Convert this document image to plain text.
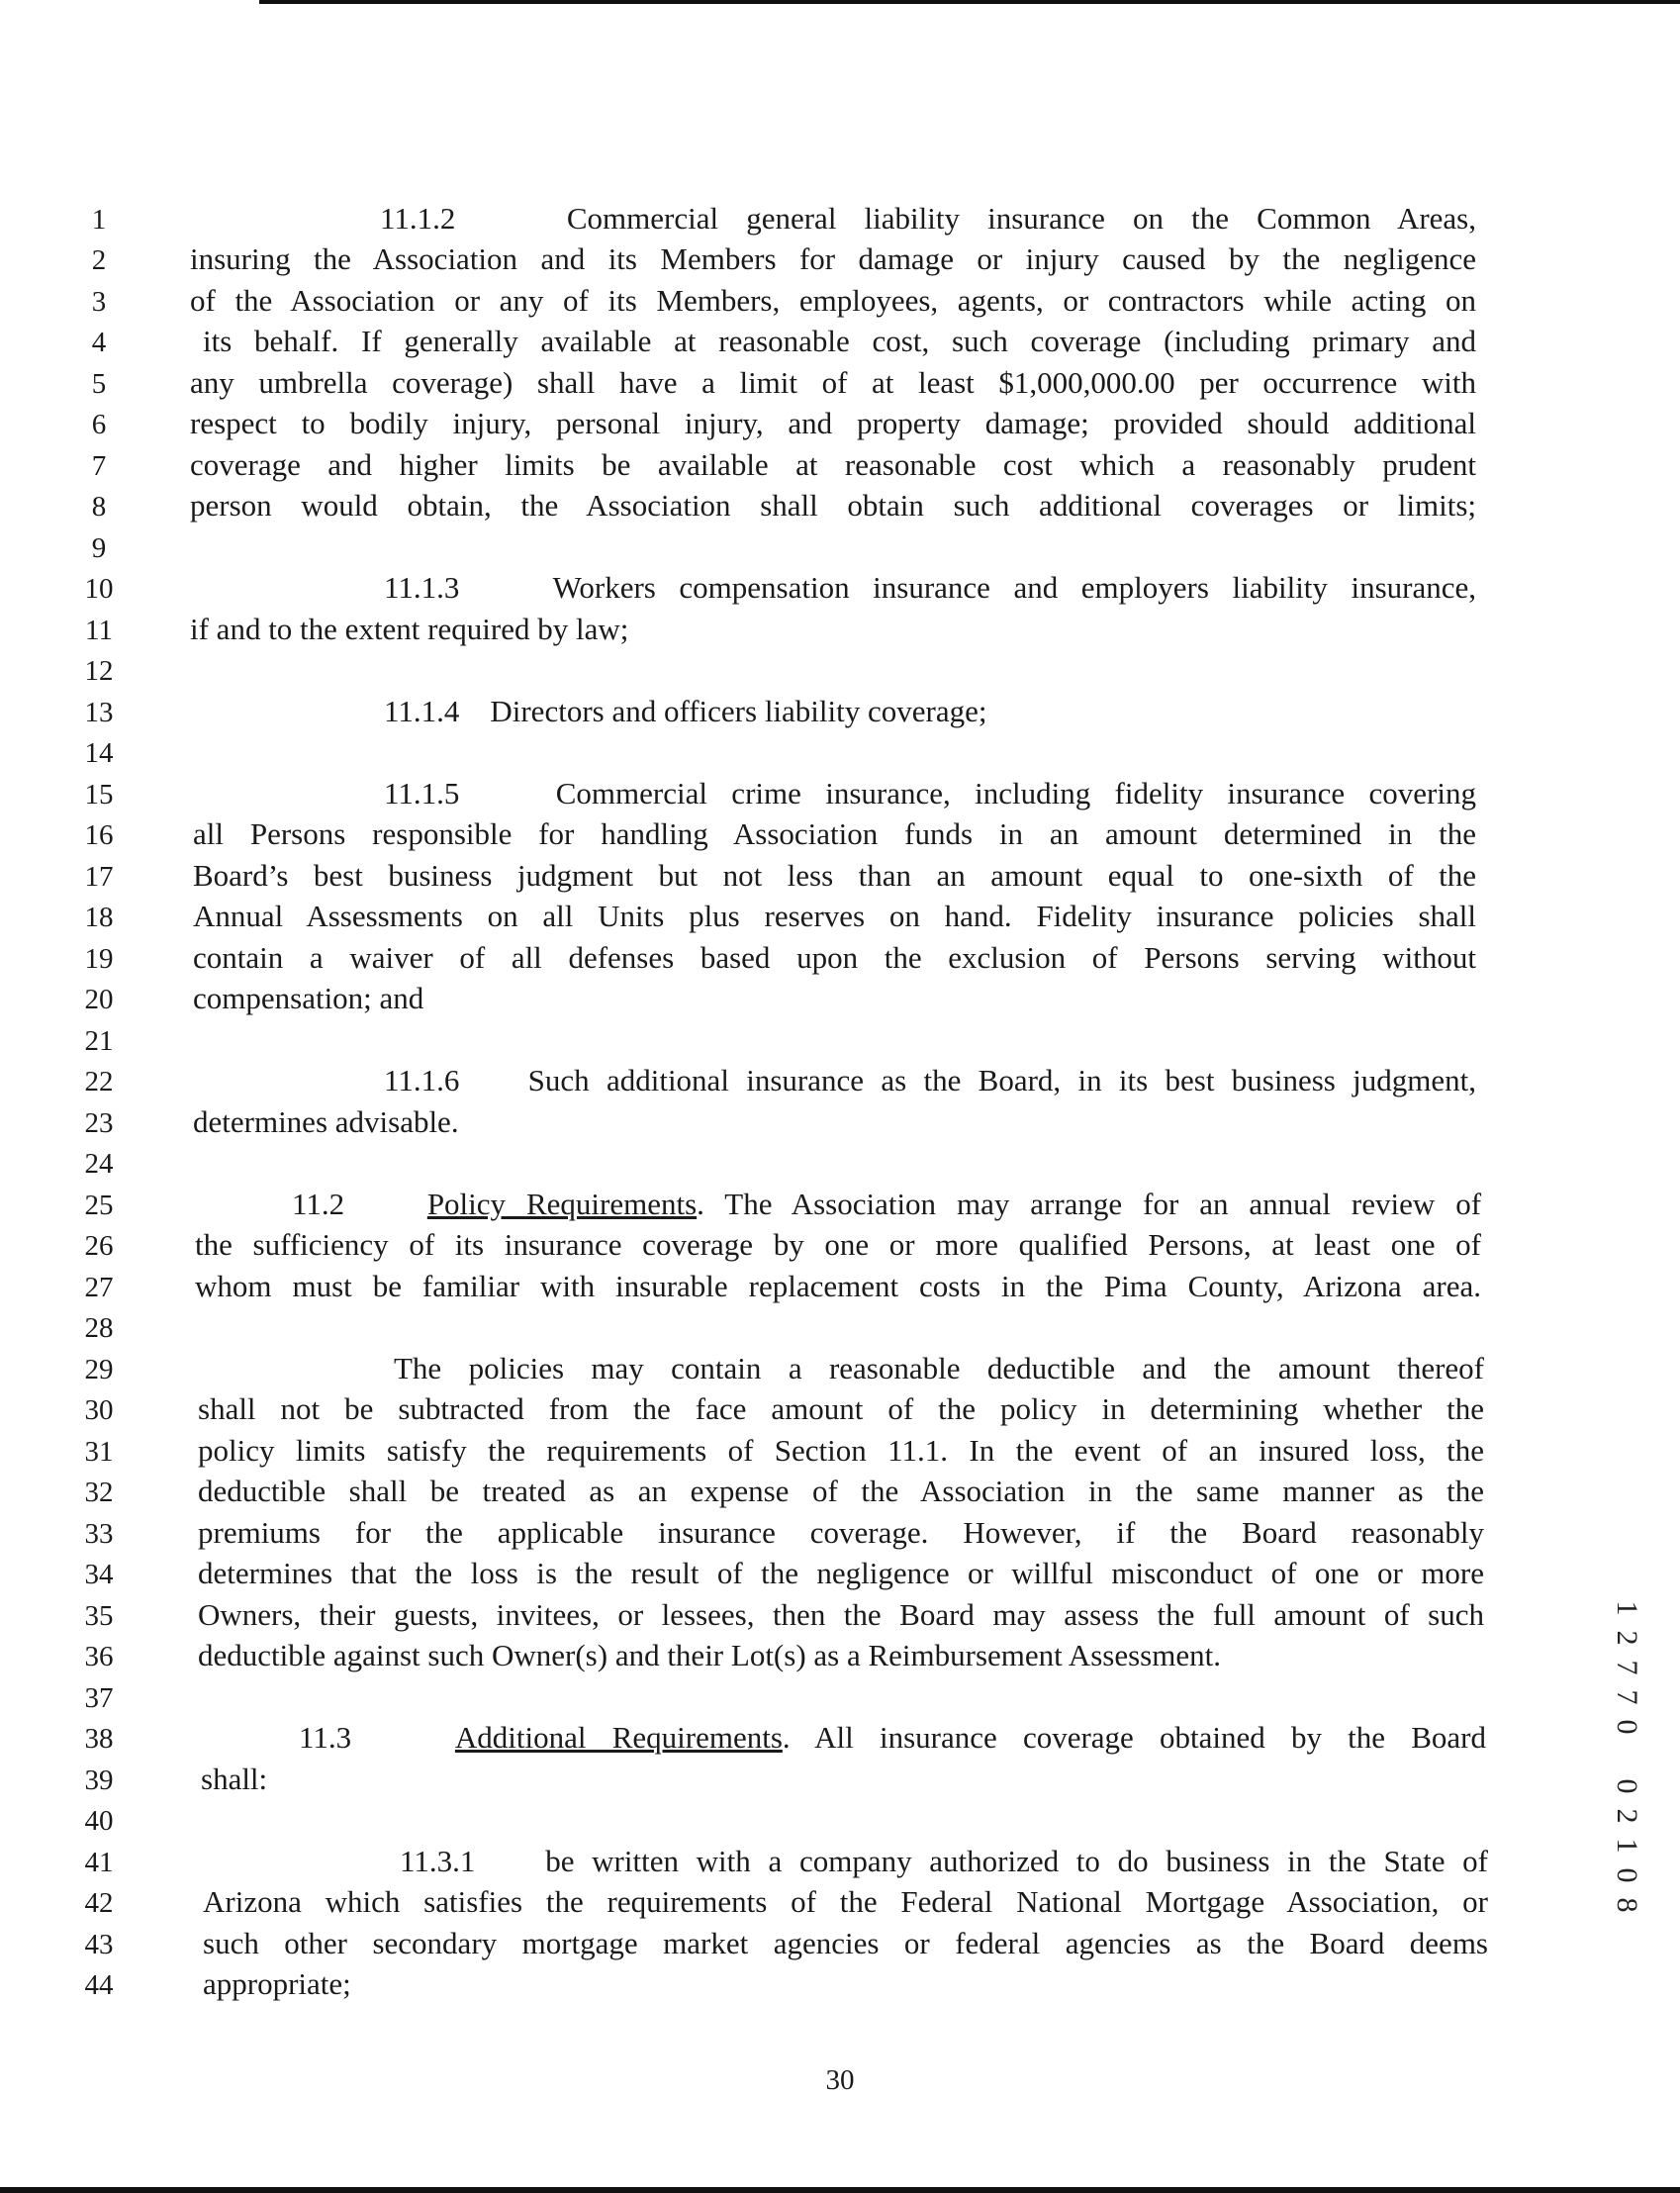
1
2
3
4
5
6
7
8
9
10
11
12
13
14
15
16
17
18
19
20
21
22
23
24
25
26
27
28
29
30
31
32
33
34
35
36
37
38
39
40
41
42
43
44
11.1.2	Commercial general liability insurance on the Common Areas,
insuring the Association and its Members for damage or injury caused by the negligence
of the Association or any of its Members, employees, agents, or contractors while acting on
its behalf. If generally available at reasonable cost, such coverage (including primary and
any umbrella coverage) shall have a limit of at least $1,000,000.00 per occurrence with
respect to bodily injury, personal injury, and property damage; provided should additional
coverage and higher limits be available at reasonable cost which a reasonably prudent
person would obtain, the Association shall obtain such additional coverages or limits;
11.1.3	Workers compensation insurance and employers liability insurance,
if and to the extent required by law;
11.1.4 Directors and officers liability coverage;
11.1.5	Commercial crime insurance, including fidelity insurance covering
all Persons responsible for handling Association funds in an amount determined in the
Board’s best business judgment but not less than an amount equal to one-sixth of the
Annual Assessments on all Units plus reserves on hand. Fidelity insurance policies shall
contain a waiver of all defenses based upon the exclusion of Persons serving without
compensation; and
11.1.6 Such additional insurance as the Board, in its best business judgment,
determines advisable.
11.2	Policy Requirements. The Association may arrange for an annual review of
the sufficiency of its insurance coverage by one or more qualified Persons, at least one of
whom must be familiar with insurable replacement costs in the Pima County, Arizona area.
The policies may contain a reasonable deductible and the amount thereof
shall not be subtracted from the face amount of the policy in determining whether the
policy limits satisfy the requirements of Section 11.1. In the event of an insured loss, the
deductible shall be treated as an expense of the Association in the same manner as the
premiums for the applicable insurance coverage. However, if the Board reasonably
determines that the loss is the result of the negligence or willful misconduct of one or more
Owners, their guests, invitees, or lessees, then the Board may assess the full amount of such
deductible against such Owner(s) and their Lot(s) as a Reimbursement Assessment.
11.3	Additional Requirements. All insurance coverage obtained by the Board
shall:
11.3.1 be written with a company authorized to do business in the State of
Arizona which satisfies the requirements of the Federal National Mortgage Association, or
such other secondary mortgage market agencies or federal agencies as the Board deems
appropriate;
1
2
7
7
0

0
2
1
0
8
30
